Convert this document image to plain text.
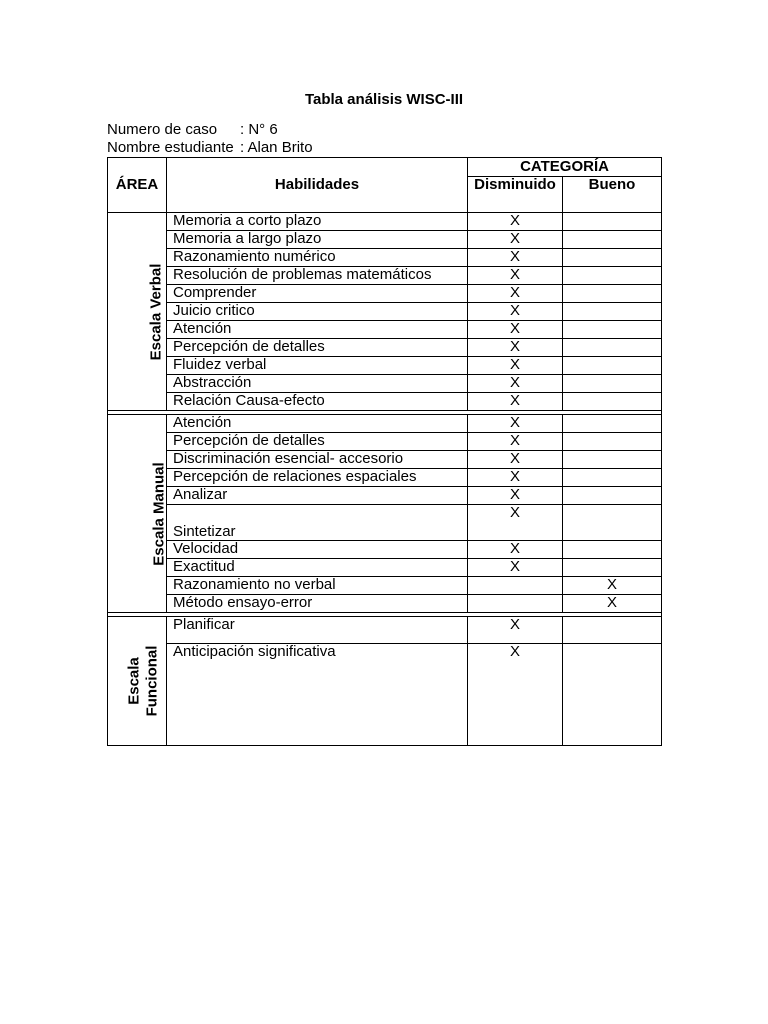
Tabla análisis WISC-III
Numero de caso : N° 6
Nombre estudiante : Alan Brito
ÁREA	Habilidades	CATEGORÍA	
		Disminuido	Bueno
Escala Verbal	Memoria a corto plazo	X	
	Memoria a largo plazo	X	
	Razonamiento numérico	X	
	Resolución de problemas matemáticos	X	
	Comprender	X	
	Juicio critico	X	
	Atención	X	
	Percepción de detalles	X	
	Fluidez verbal	X	
	Abstracción	X	
	Relación Causa-efecto	X	

Escala Manual	Atención	X	
	Percepción de detalles	X	
	Discriminación esencial- accesorio	X	
	Percepción de relaciones espaciales	X	
	Analizar	X	
	Sintetizar	X	
	Velocidad	X	
	Exactitud	X	
	Razonamiento no verbal		X
	Método ensayo-error		X

Escala
Funcional	Planificar	X	
	Anticipación significativa	X	
